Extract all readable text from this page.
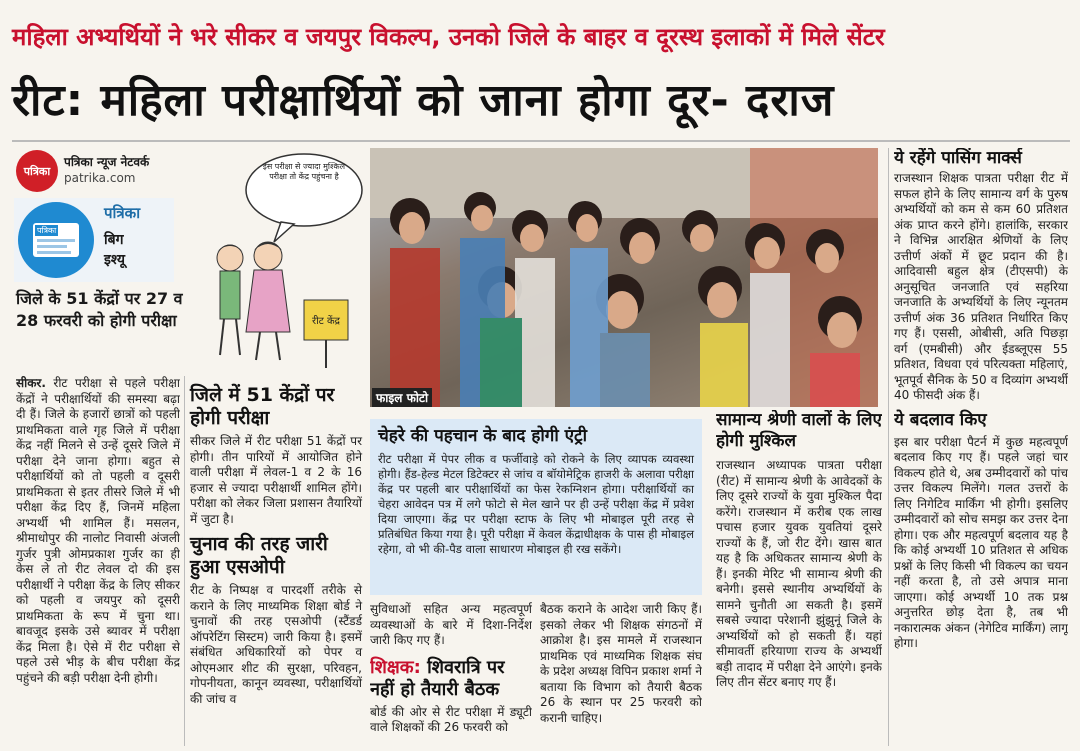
महिला अभ्यर्थियों ने भरे सीकर व जयपुर विकल्प, उनको जिले के बाहर व दूरस्थ इलाकों में मिले सेंटर
रीट: महिला परीक्षार्थियों को जाना होगा दूर- दराज
पत्रिका
पत्रिका न्यूज नेटवर्क
patrika.com
पत्रिका
पत्रिका
बिग
इश्यू
जिले के 51 केंद्रों पर 27 व 28 फरवरी को होगी परीक्षा
सीकर. रीट परीक्षा से पहले परीक्षा केंद्रों ने परीक्षार्थियों की समस्या बढ़ा दी हैं। जिले के हजारों छात्रों को पहली प्राथमिकता वाले गृह जिले में परीक्षा केंद्र नहीं मिलने से उन्हें दूसरे जिले में परीक्षा देने जाना होगा। बहुत से परीक्षार्थियों को तो पहली व दूसरी प्राथमिकता से इतर तीसरे जिले में भी परीक्षा केंद्र दिए हैं, जिनमें महिला अभ्यर्थी भी शामिल हैं। मसलन, श्रीमाधोपुर की नालोट निवासी अंजली गुर्जर पुत्री ओमप्रकाश गुर्जर का ही केस ले तो रीट लेवल दो की इस परीक्षार्थी ने परीक्षा केंद्र के लिए सीकर को पहली व जयपुर को दूसरी प्राथमिकता के रूप में चुना था। बावजूद इसके उसे ब्यावर में परीक्षा केंद्र मिला है। ऐसे में रीट परीक्षा से पहले उसे भीड़ के बीच परीक्षा केंद्र पहुंचने की बड़ी परीक्षा देनी होगी।
इस परीक्षा से ज्यादा मुश्किल परीक्षा तो केंद्र पहुंचना है
रीट केंद्र
जिले में 51 केंद्रों पर होगी परीक्षा
सीकर जिले में रीट परीक्षा 51 केंद्रों पर होगी। तीन पारियों में आयोजित होने वाली परीक्षा में लेवल-1 व 2 के 16 हजार से ज्यादा परीक्षार्थी शामिल होंगे। परीक्षा को लेकर जिला प्रशासन तैयारियों में जुटा है।
चुनाव की तरह जारी हुआ एसओपी
रीट के निष्पक्ष व पारदर्शी तरीके से कराने के लिए माध्यमिक शिक्षा बोर्ड ने चुनावों की तरह एसओपी (स्टैंडर्ड ऑपरेटिंग सिस्टम) जारी किया है। इसमें संबंधित अधिकारियों को पेपर व ओएमआर शीट की सुरक्षा, परिवहन, गोपनीयता, कानून व्यवस्था, परीक्षार्थियों की जांच व
फाइल फोटो
चेहरे की पहचान के बाद होगी एंट्री
रीट परीक्षा में पेपर लीक व फर्जीवाड़े को रोकने के लिए व्यापक व्यवस्था होगी। हैंड-हेल्ड मेटल डिटेक्टर से जांच व बॉयोमेट्रिक हाजरी के अलावा परीक्षा केंद्र पर पहली बार परीक्षार्थियों का फेस रेकग्निशन होगा। परीक्षार्थियों का चेहरा आवेदन पत्र में लगे फोटो से मेल खाने पर ही उन्हें परीक्षा केंद्र में प्रवेश दिया जाएगा। केंद्र पर परीक्षा स्टाफ के लिए भी मोबाइल पूरी तरह से प्रतिबंधित किया गया है। पूरी परीक्षा में केवल केंद्राधीक्षक के पास ही मोबाइल रहेगा, वो भी की-पैड वाला साधारण मोबाइल ही रख सकेंगे।
सुविधाओं सहित अन्य महत्वपूर्ण व्यवस्थाओं के बारे में दिशा-निर्देश जारी किए गए हैं।
शिक्षक: शिवरात्रि पर नहीं हो तैयारी बैठक
बोर्ड की ओर से रीट परीक्षा में ड्यूटी वाले शिक्षकों की 26 फरवरी को
बैठक कराने के आदेश जारी किए हैं। इसको लेकर भी शिक्षक संगठनों में आक्रोश है। इस मामले में राजस्थान प्राथमिक एवं माध्यमिक शिक्षक संघ के प्रदेश अध्यक्ष विपिन प्रकाश शर्मा ने बताया कि विभाग को तैयारी बैठक 26 के स्थान पर 25 फरवरी को करानी चाहिए।
सामान्य श्रेणी वालों के लिए होगी मुश्किल
राजस्थान अध्यापक पात्रता परीक्षा (रीट) में सामान्य श्रेणी के आवेदकों के लिए दूसरे राज्यों के युवा मुश्किल पैदा करेंगे। राजस्थान में करीब एक लाख पचास हजार युवक युवतियां दूसरे राज्यों के हैं, जो रीट देंगे। खास बात यह है कि अधिकतर सामान्य श्रेणी के हैं। इनकी मेरिट भी सामान्य श्रेणी की बनेगी। इससे स्थानीय अभ्यर्थियों के सामने चुनौती आ सकती है। इसमें सबसे ज्यादा परेशानी झुंझुनूं जिले के अभ्यर्थियों को हो सकती हैं। यहां सीमावर्ती हरियाणा राज्य के अभ्यर्थी बड़ी तादाद में परीक्षा देने आएंगे। इनके लिए तीन सेंटर बनाए गए हैं।
ये रहेंगे पासिंग मार्क्स
राजस्थान शिक्षक पात्रता परीक्षा रीट में सफल होने के लिए सामान्य वर्ग के पुरुष अभ्यर्थियों को कम से कम 60 प्रतिशत अंक प्राप्त करने होंगे। हालांकि, सरकार ने विभिन्न आरक्षित श्रेणियों के लिए उत्तीर्ण अंकों में छूट प्रदान की है। आदिवासी बहुल क्षेत्र (टीएसपी) के अनुसूचित जनजाति एवं सहरिया जनजाति के अभ्यर्थियों के लिए न्यूनतम उत्तीर्ण अंक 36 प्रतिशत निर्धारित किए गए हैं। एससी, ओबीसी, अति पिछड़ा वर्ग (एमबीसी) और ईडब्लूएस 55 प्रतिशत, विधवा एवं परित्यक्ता महिलाएं, भूतपूर्व सैनिक के 50 व दिव्यांग अभ्यर्थी 40 फीसदी अंक हैं।
ये बदलाव किए
इस बार परीक्षा पैटर्न में कुछ महत्वपूर्ण बदलाव किए गए हैं। पहले जहां चार विकल्प होते थे, अब उम्मीदवारों को पांच उत्तर विकल्प मिलेंगे। गलत उत्तरों के लिए निगेटिव मार्किंग भी होगी। इसलिए उम्मीदवारों को सोच समझ कर उत्तर देना होगा। एक और महत्वपूर्ण बदलाव यह है कि कोई अभ्यर्थी 10 प्रतिशत से अधिक प्रश्नों के लिए किसी भी विकल्प का चयन नहीं करता है, तो उसे अपात्र माना जाएगा। कोई अभ्यर्थी 10 तक प्रश्न अनुत्तरित छोड़ देता है, तब भी नकारात्मक अंकन (नेगेटिव मार्किंग) लागू होगा।
